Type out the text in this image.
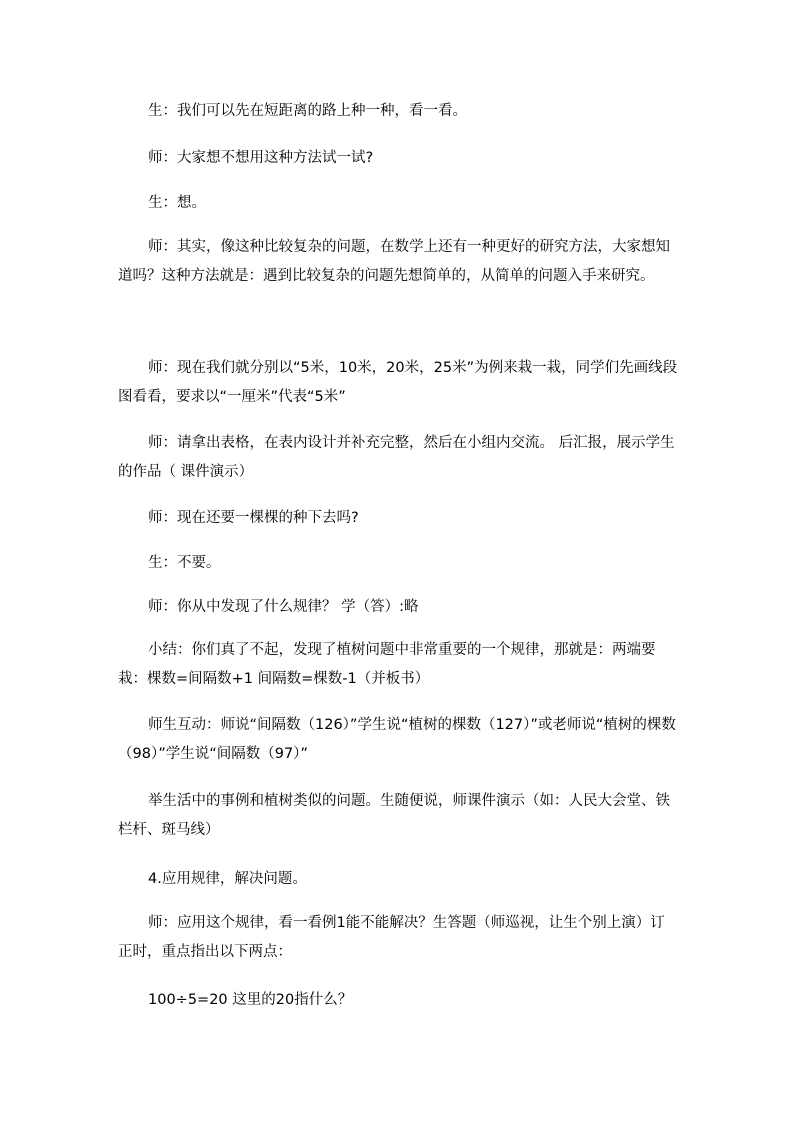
生：我们可以先在短距离的路上种一种，看一看。

师：大家想不想用这种方法试一试?

生：想。

师：其实，像这种比较复杂的问题，在数学上还有一种更好的研究方法，大家想知道吗？这种方法就是：遇到比较复杂的问题先想简单的，从简单的问题入手来研究。

师：现在我们就分别以“5米，10米，20米，25米”为例来栽一栽，同学们先画线段图看看，要求以“一厘米”代表“5米”

师：请拿出表格，在表内设计并补充完整，然后在小组内交流。 后汇报，展示学生的作品（ 课件演示）

师：现在还要一棵棵的种下去吗?

生：不要。

师：你从中发现了什么规律？ 学（答）:略

小结：你们真了不起，发现了植树问题中非常重要的一个规律，那就是：两端要栽：棵数=间隔数+1 间隔数=棵数-1（并板书）

师生互动：师说“间隔数（126）”学生说“植树的棵数（127）”或老师说“植树的棵数（98）”学生说“间隔数（97）”

举生活中的事例和植树类似的问题。生随便说，师课件演示（如：人民大会堂、铁栏杆、斑马线）

4.应用规律，解决问题。

师：应用这个规律，看一看例1能不能解决？生答题（师巡视，让生个别上演）订正时，重点指出以下两点：

100÷5=20 这里的20指什么？
